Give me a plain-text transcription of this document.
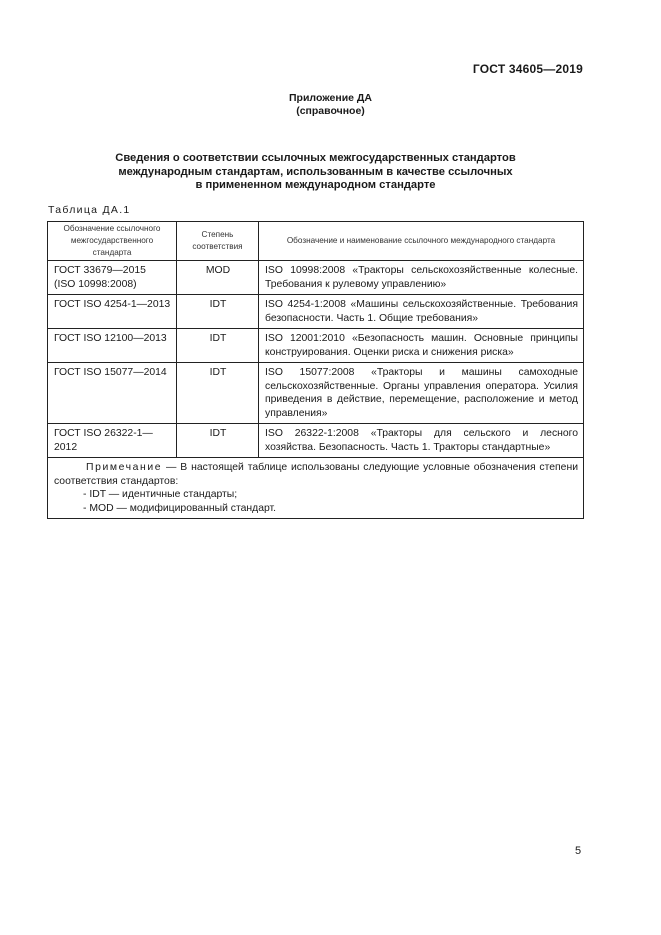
ГОСТ 34605—2019
Приложение ДА
(справочное)
Сведения о соответствии ссылочных межгосударственных стандартов
международным стандартам, использованным в качестве ссылочных
в примененном международном стандарте
Таблица ДА.1
Обозначение ссылочного межгосударственного стандарта	Степень соответствия	Обозначение и наименование ссылочного международного стандарта

ГОСТ 33679—2015
(ISO 10998:2008)	MOD	ISO 10998:2008 «Тракторы сельскохозяйственные колесные. Требования к рулевому управлению»

ГОСТ ISO 4254-1—2013	IDT	ISO 4254-1:2008 «Машины сельскохозяйственные. Требования безопасности. Часть 1. Общие требования»

ГОСТ ISO 12100—2013	IDT	ISO 12001:2010 «Безопасность машин. Основные принципы конструирования. Оценки риска и снижения риска»

ГОСТ ISO 15077—2014	IDT	ISO 15077:2008 «Тракторы и машины самоходные сельскохозяйственные. Органы управления оператора. Усилия приведения в действие, перемещение, расположение и метод управления»

ГОСТ ISO 26322-1—2012	IDT	ISO 26322-1:2008 «Тракторы для сельского и лесного хозяйства. Безопасность. Часть 1. Тракторы стандартные»

Примечание — В настоящей таблице использованы следующие условные обозначения степени соответствия стандартов:
- IDT — идентичные стандарты;
- MOD — модифицированный стандарт.		
5
